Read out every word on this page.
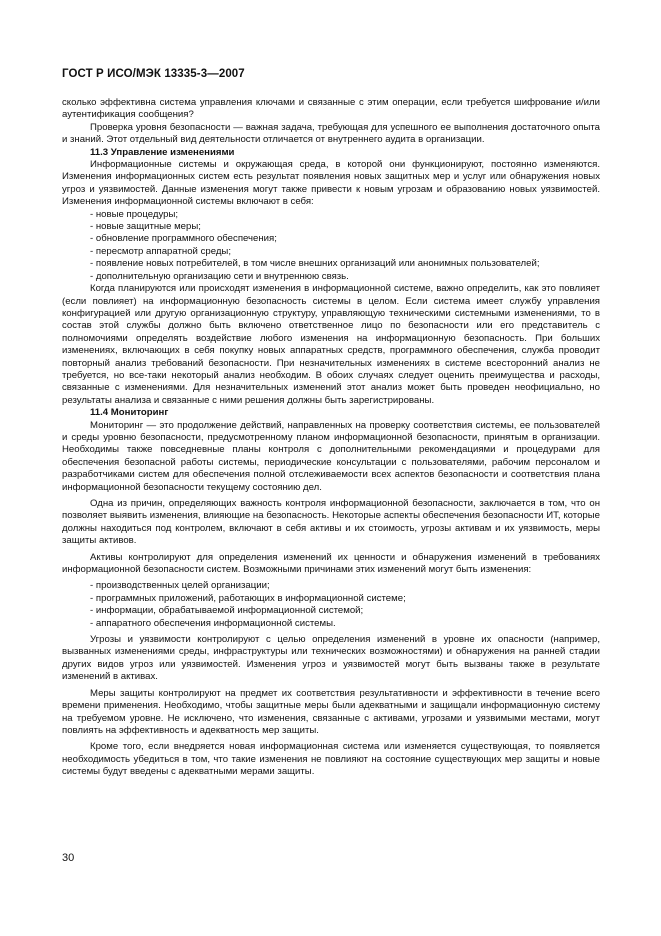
ГОСТ Р ИСО/МЭК 13335-3—2007

сколько эффективна система управления ключами и связанные с этим операции, если требуется шифрование и/или аутентификация сообщения?

Проверка уровня безопасности — важная задача, требующая для успешного ее выполнения достаточного опыта и знаний. Этот отдельный вид деятельности отличается от внутреннего аудита в организации.

11.3 Управление изменениями

Информационные системы и окружающая среда, в которой они функционируют, постоянно изменяются. Изменения информационных систем есть результат появления новых защитных мер и услуг или обнаружения новых угроз и уязвимостей. Данные изменения могут также привести к новым угрозам и образованию новых уязвимостей. Изменения информационной системы включают в себя:

- новые процедуры;
- новые защитные меры;
- обновление программного обеспечения;
- пересмотр аппаратной среды;
- появление новых потребителей, в том числе внешних организаций или анонимных пользователей;
- дополнительную организацию сети и внутреннюю связь.

Когда планируются или происходят изменения в информационной системе, важно определить, как это повлияет (если повлияет) на информационную безопасность системы в целом. Если система имеет службу управления конфигурацией или другую организационную структуру, управляющую техническими системными изменениями, то в состав этой службы должно быть включено ответственное лицо по безопасности или его представитель с полномочиями определять воздействие любого изменения на информационную безопасность. При больших изменениях, включающих в себя покупку новых аппаратных средств, программного обеспечения, служба проводит повторный анализ требований безопасности. При незначительных изменениях в системе всесторонний анализ не требуется, но все-таки некоторый анализ необходим. В обоих случаях следует оценить преимущества и расходы, связанные с изменениями. Для незначительных изменений этот анализ может быть проведен неофициально, но результаты анализа и связанные с ними решения должны быть зарегистрированы.

11.4 Мониторинг

Мониторинг — это продолжение действий, направленных на проверку соответствия системы, ее пользователей и среды уровню безопасности, предусмотренному планом информационной безопасности, принятым в организации. Необходимы также повседневные планы контроля с дополнительными рекомендациями и процедурами для обеспечения безопасной работы системы, периодические консультации с пользователями, рабочим персоналом и разработчиками систем для обеспечения полной отслеживаемости всех аспектов безопасности и соответствия плана информационной безопасности текущему состоянию дел.

Одна из причин, определяющих важность контроля информационной безопасности, заключается в том, что он позволяет выявить изменения, влияющие на безопасность. Некоторые аспекты обеспечения безопасности ИТ, которые должны находиться под контролем, включают в себя активы и их стоимость, угрозы активам и их уязвимость, меры защиты активов.

Активы контролируют для определения изменений их ценности и обнаружения изменений в требованиях информационной безопасности систем. Возможными причинами этих изменений могут быть изменения:

- производственных целей организации;
- программных приложений, работающих в информационной системе;
- информации, обрабатываемой информационной системой;
- аппаратного обеспечения информационной системы.

Угрозы и уязвимости контролируют с целью определения изменений в уровне их опасности (например, вызванных изменениями среды, инфраструктуры или технических возможностями) и обнаружения на ранней стадии других видов угроз или уязвимостей. Изменения угроз и уязвимостей могут быть вызваны также в результате изменений в активах.

Меры защиты контролируют на предмет их соответствия результативности и эффективности в течение всего времени применения. Необходимо, чтобы защитные меры были адекватными и защищали информационную систему на требуемом уровне. Не исключено, что изменения, связанные с активами, угрозами и уязвимыми местами, могут повлиять на эффективность и адекватность мер защиты.

Кроме того, если внедряется новая информационная система или изменяется существующая, то появляется необходимость убедиться в том, что такие изменения не повлияют на состояние существующих мер защиты и новые системы будут введены с адекватными мерами защиты.

30
